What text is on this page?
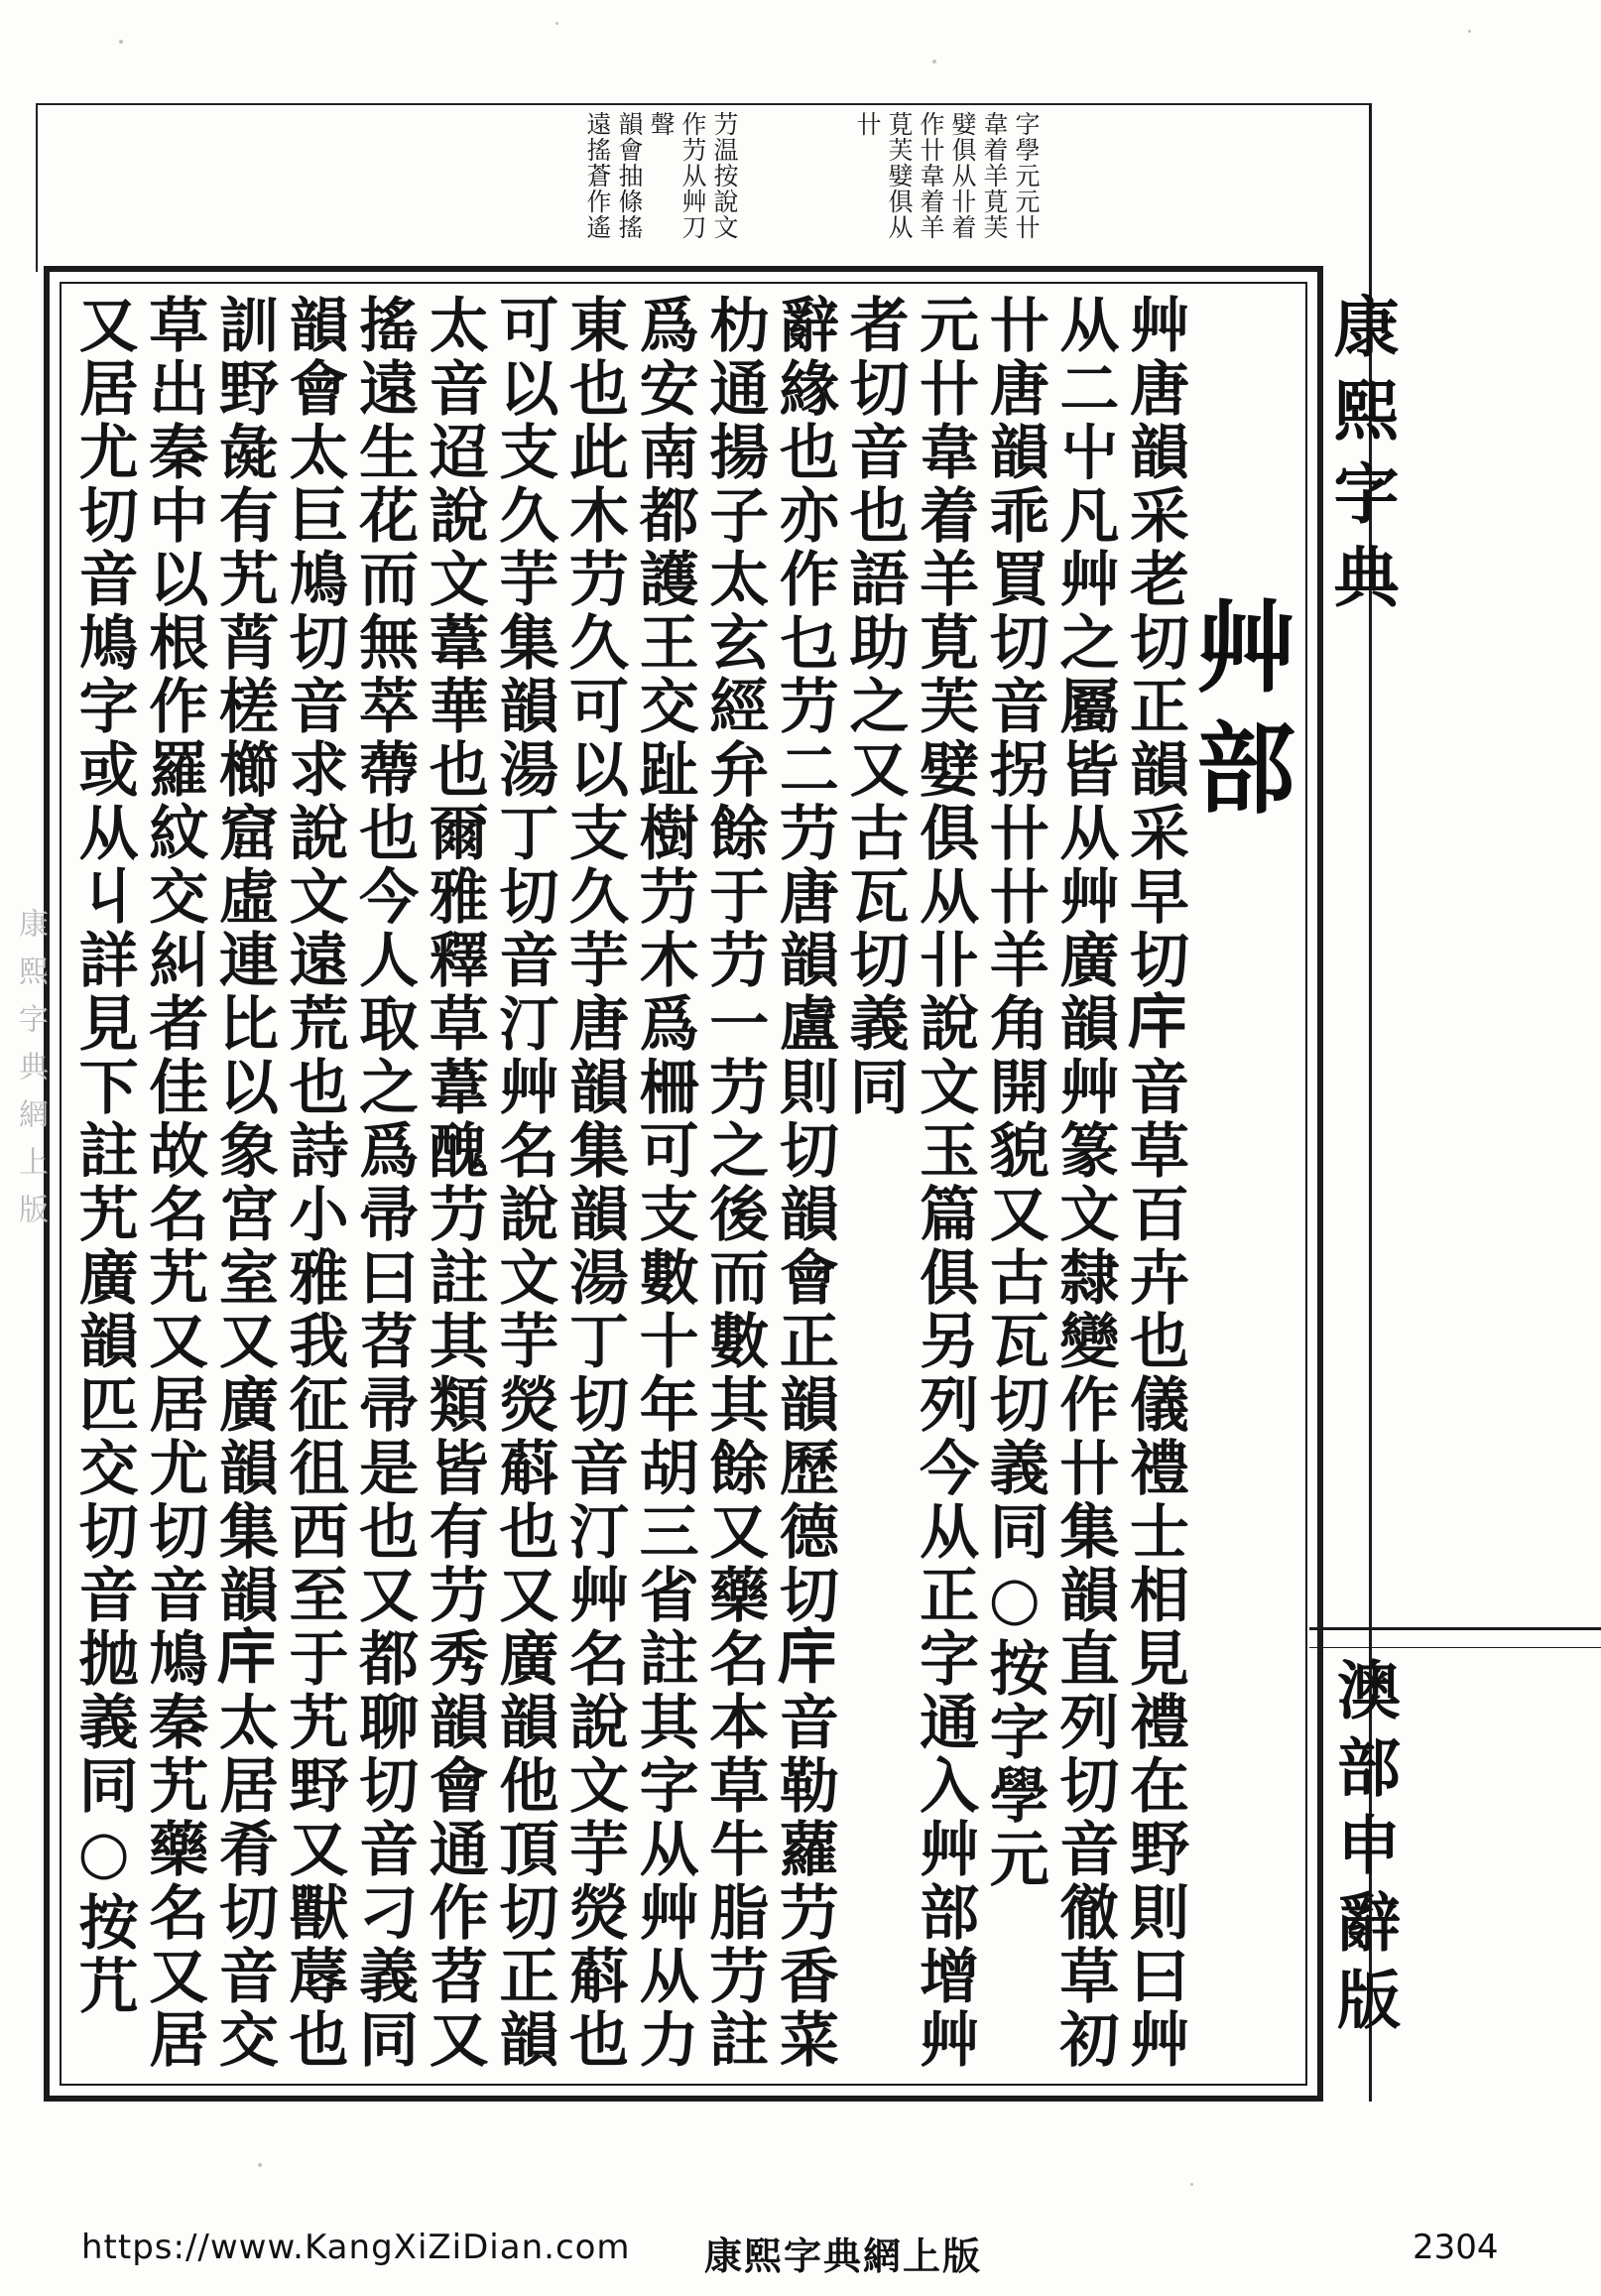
遠搖蒼作遙 韻會抽條搖 聲 作芀从艸刀 芀温按說文	卄 莧芙嬖俱从 作卄韋着羊 嬖俱从卝着 韋着羊莧芙 字學元元卄
康熙字典
澳部申辭版
艸部
艸唐韻采老切正韻采早切𢇛音草百卉也儀禮士相見禮在野則曰艸
从二屮凡艸之屬皆从艸廣韻艸篆文隸變作卄集韻直列切音徹草初
卄唐韻乖買切音拐卄卄羊角開貌又古瓦切義同○按字學元
元卄韋着羊莧芙嬖俱从卝說文玉篇俱另列今从正字通入艸部增艸
者切音也語助之又古瓦切義同
辭緣也亦作乜芀二芀唐韻盧則切韻會正韻歷德切𢇛音勒蘿芀香菜
朸通揚子太玄經弁餘于芀一芀之後而數其餘又藥名本草牛脂芀註
爲安南都護王交趾樹芀木爲柵可支數十年胡三省註其字从艸从力
東也此木芀久可以支久芋唐韻集韻湯丁切音汀艸名說文芋熒蔛也
可以支久芋集韻湯丁切音汀艸名說文芋熒蔛也又廣韻他頂切正韻
太音迢說文葦華也爾雅釋草葦醜芀註其類皆有芀秀韻會通作苕又
搖遠生花而無萃蔕也今人取之爲帚曰苕帚是也又都聊切音刁義同
韻會太巨鳩切音求說文遠荒也詩小雅我征徂西至于艽野又獸蓐也
訓野彘有艽莦槎櫛窟虛連比以象宮室又廣韻集韻𢇛太居肴切音交
草出秦中以根作羅紋交糾者佳故名艽又居尤切音鳩秦艽藥名又居
又居尤切音鳩字或从丩詳見下註艽廣韻匹交切音抛義同○按芁
康熙字典網上版
https://www.KangXiZiDian.com 康熙字典網上版	2304
